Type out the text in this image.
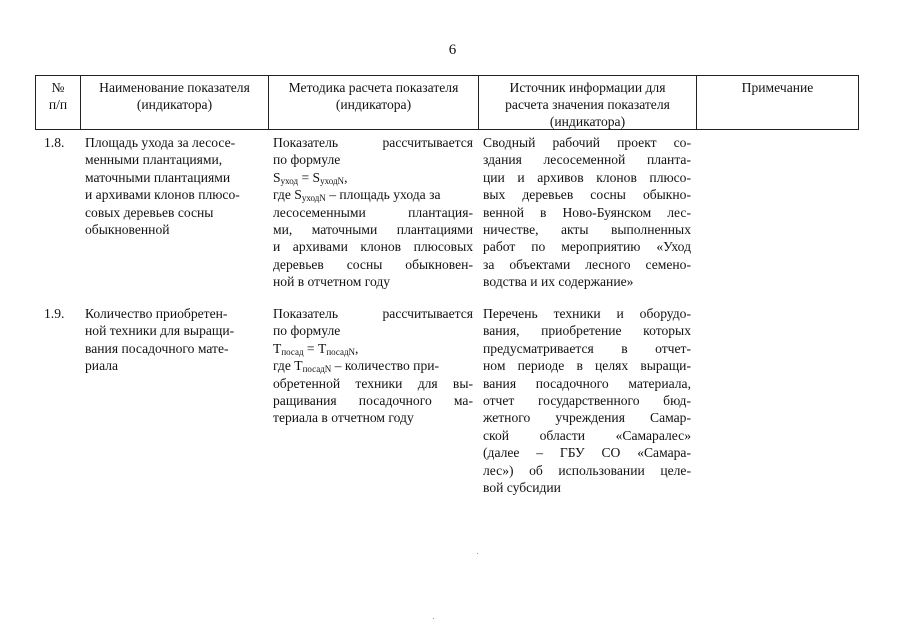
6
№
п/п
Наименование показателя
(индикатора)
Методика расчета показателя
(индикатора)
Источник информации для
расчета значения показателя
(индикатора)
Примечание
1.8. Площадь ухода за лесосе-
менными плантациями,
маточными плантациями
и архивами клонов плюсо-
совых деревьев сосны
обыкновенной
Показатель рассчитывается
по формуле
$S_{уход} = S_{уходN}$,
где $S_{уходN}$ – площадь ухода за
лесосеменными плантация-
ми, маточными плантациями
и архивами клонов плюсовых
деревьев сосны обыкновен-
ной в отчетном году
Сводный рабочий проект со-
здания лесосеменной планта-
ции и архивов клонов плюсо-
вых деревьев сосны обыкно-
венной в Ново-Буянском лес-
ничестве, акты выполненных
работ по мероприятию «Уход
за объектами лесного семено-
водства и их содержание»
1.9. Количество приобретен-
ной техники для выращи-
вания посадочного мате-
риала
Показатель рассчитывается
по формуле
$T_{посад} = T_{посадN}$,
где $T_{посадN}$ – количество при-
обретенной техники для вы-
ращивания посадочного ма-
териала в отчетном году
Перечень техники и оборудо-
вания, приобретение которых
предусматривается в отчет-
ном периоде в целях выращи-
вания посадочного материала,
отчет государственного бюд-
жетного учреждения Самар-
ской области «Самаралес»
(далее – ГБУ СО «Самара-
лес») об использовании целе-
вой субсидии
